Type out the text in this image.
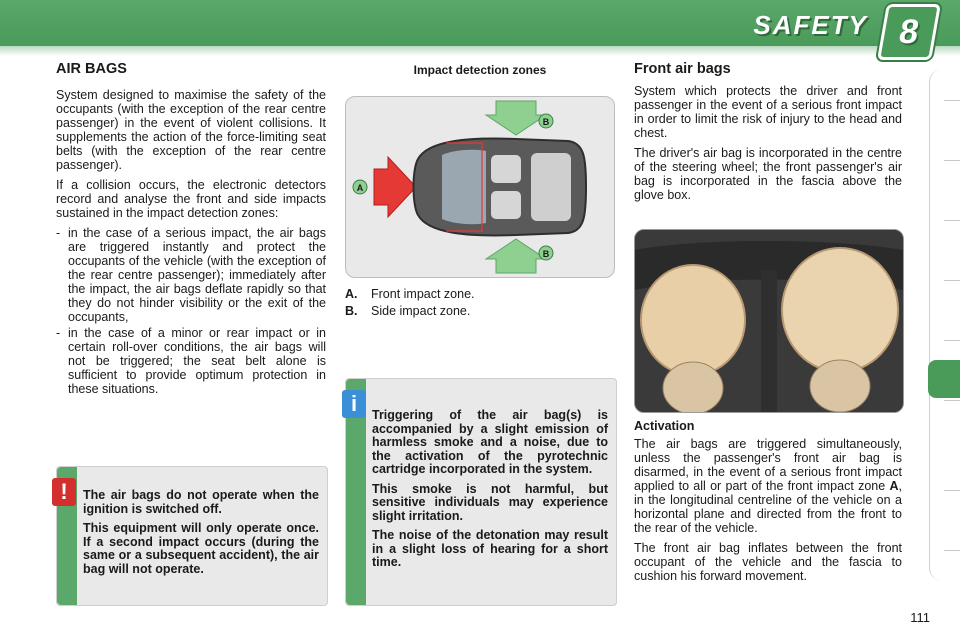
SAFETY 8
AIR BAGS

System designed to maximise the safety of the occupants (with the exception of the rear centre passenger) in the event of violent collisions. It supplements the action of the force-limiting seat belts (with the exception of the rear centre passenger).

If a collision occurs, the electronic detectors record and analyse the front and side impacts sustained in the impact detection zones:

- in the case of a serious impact, the air bags are triggered instantly and protect the occupants of the vehicle (with the exception of the rear centre passenger); immediately after the impact, the air bags deflate rapidly so that they do not hinder visibility or the exit of the occupants,
- in the case of a minor or rear impact or in certain roll-over conditions, the air bags will not be triggered; the seat belt alone is sufficient to provide optimum protection in these situations.

The air bags do not operate when the ignition is switched off.

This equipment will only operate once. If a second impact occurs (during the same or a subsequent accident), the air bag will not operate.

!
Impact detection zones
B
B
A
A. Front impact zone.
B. Side impact zone.

Triggering of the air bag(s) is accompanied by a slight emission of harmless smoke and a noise, due to the activation of the pyrotechnic cartridge incorporated in the system.

This smoke is not harmful, but sensitive individuals may experience slight irritation.

The noise of the detonation may result in a slight loss of hearing for a short time.

i
Front air bags

System which protects the driver and front passenger in the event of a serious front impact in order to limit the risk of injury to the head and chest.

The driver's air bag is incorporated in the centre of the steering wheel; the front passenger's air bag is incorporated in the fascia above the glove box.

Activation

The air bags are triggered simultaneously, unless the passenger's front air bag is disarmed, in the event of a serious front impact applied to all or part of the front impact zone A, in the longitudinal centreline of the vehicle on a horizontal plane and directed from the front to the rear of the vehicle.

The front air bag inflates between the front occupant of the vehicle and the fascia to cushion his forward movement.

111
